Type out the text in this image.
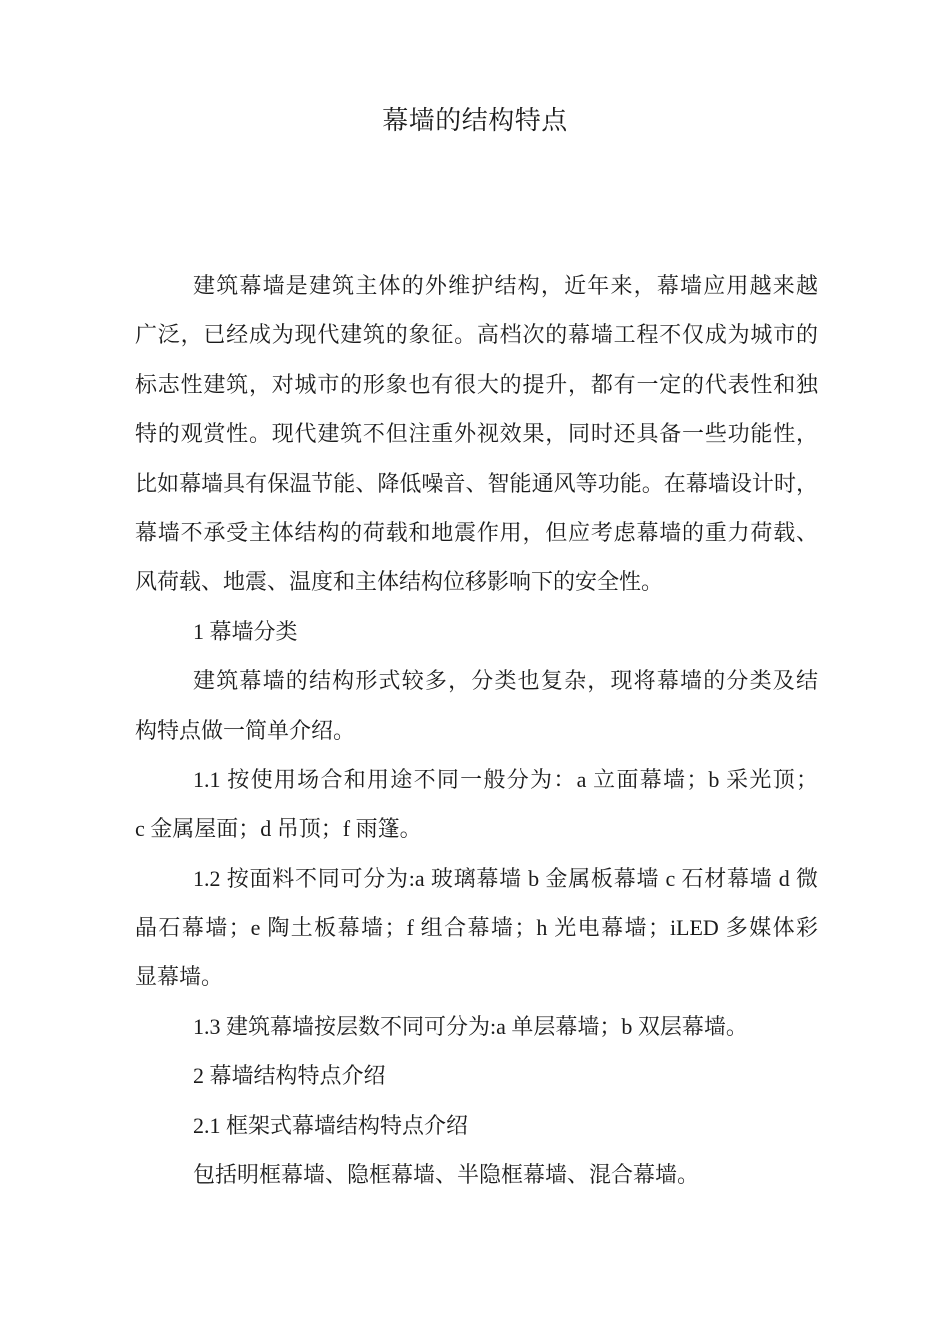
幕墙的结构特点
建筑幕墙是建筑主体的外维护结构，近年来，幕墙应用越来越
广泛，已经成为现代建筑的象征。高档次的幕墙工程不仅成为城市的
标志性建筑，对城市的形象也有很大的提升，都有一定的代表性和独
特的观赏性。现代建筑不但注重外视效果，同时还具备一些功能性，
比如幕墙具有保温节能、降低噪音、智能通风等功能。在幕墙设计时，
幕墙不承受主体结构的荷载和地震作用，但应考虑幕墙的重力荷载、
风荷载、地震、温度和主体结构位移影响下的安全性。
1 幕墙分类
建筑幕墙的结构形式较多，分类也复杂，现将幕墙的分类及结
构特点做一简单介绍。
1.1 按使用场合和用途不同一般分为：a 立面幕墙；b 采光顶；
c 金属屋面；d 吊顶；f 雨篷。
1.2 按面料不同可分为:a 玻璃幕墙 b 金属板幕墙 c 石材幕墙 d 微
晶石幕墙；e 陶土板幕墙；f 组合幕墙；h 光电幕墙；iLED 多媒体彩
显幕墙。
1.3 建筑幕墙按层数不同可分为:a 单层幕墙；b 双层幕墙。
2 幕墙结构特点介绍
2.1 框架式幕墙结构特点介绍
包括明框幕墙、隐框幕墙、半隐框幕墙、混合幕墙。
